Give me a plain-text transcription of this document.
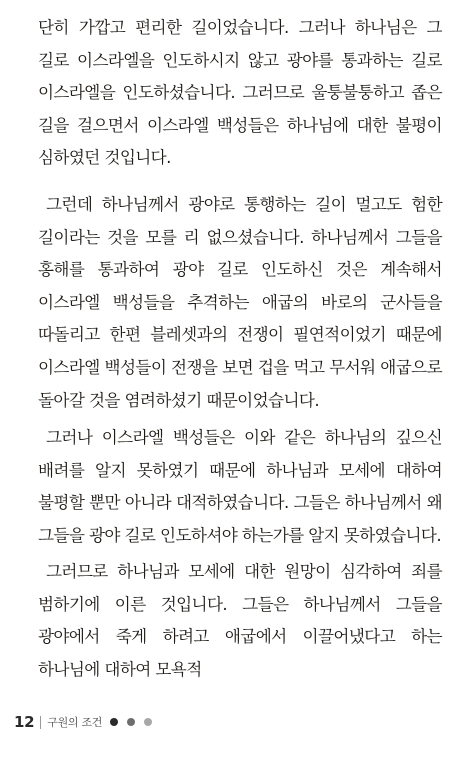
단히 가깝고 편리한 길이었습니다. 그러나 하나님은 그 길로 이스라엘을 인도하시지 않고 광야를 통과하는 길로 이스라엘을 인도하셨습니다. 그러므로 울퉁불퉁하고 좁은 길을 걸으면서 이스라엘 백성들은 하나님에 대한 불평이 심하였던 것입니다.

그런데 하나님께서 광야로 통행하는 길이 멀고도 험한 길이라는 것을 모를 리 없으셨습니다. 하나님께서 그들을 홍해를 통과하여 광야 길로 인도하신 것은 계속해서 이스라엘 백성들을 추격하는 애굽의 바로의 군사들을 따돌리고 한편 블레셋과의 전쟁이 필연적이었기 때문에 이스라엘 백성들이 전쟁을 보면 겁을 먹고 무서워 애굽으로 돌아갈 것을 염려하셨기 때문이었습니다.

그러나 이스라엘 백성들은 이와 같은 하나님의 깊으신 배려를 알지 못하였기 때문에 하나님과 모세에 대하여 불평할 뿐만 아니라 대적하였습니다. 그들은 하나님께서 왜 그들을 광야 길로 인도하셔야 하는가를 알지 못하였습니다.

그러므로 하나님과 모세에 대한 원망이 심각하여 죄를 범하기에 이른 것입니다. 그들은 하나님께서 그들을 광야에서 죽게 하려고 애굽에서 이끌어냈다고 하는 하나님에 대하여 모욕적

12 구원의 조건
